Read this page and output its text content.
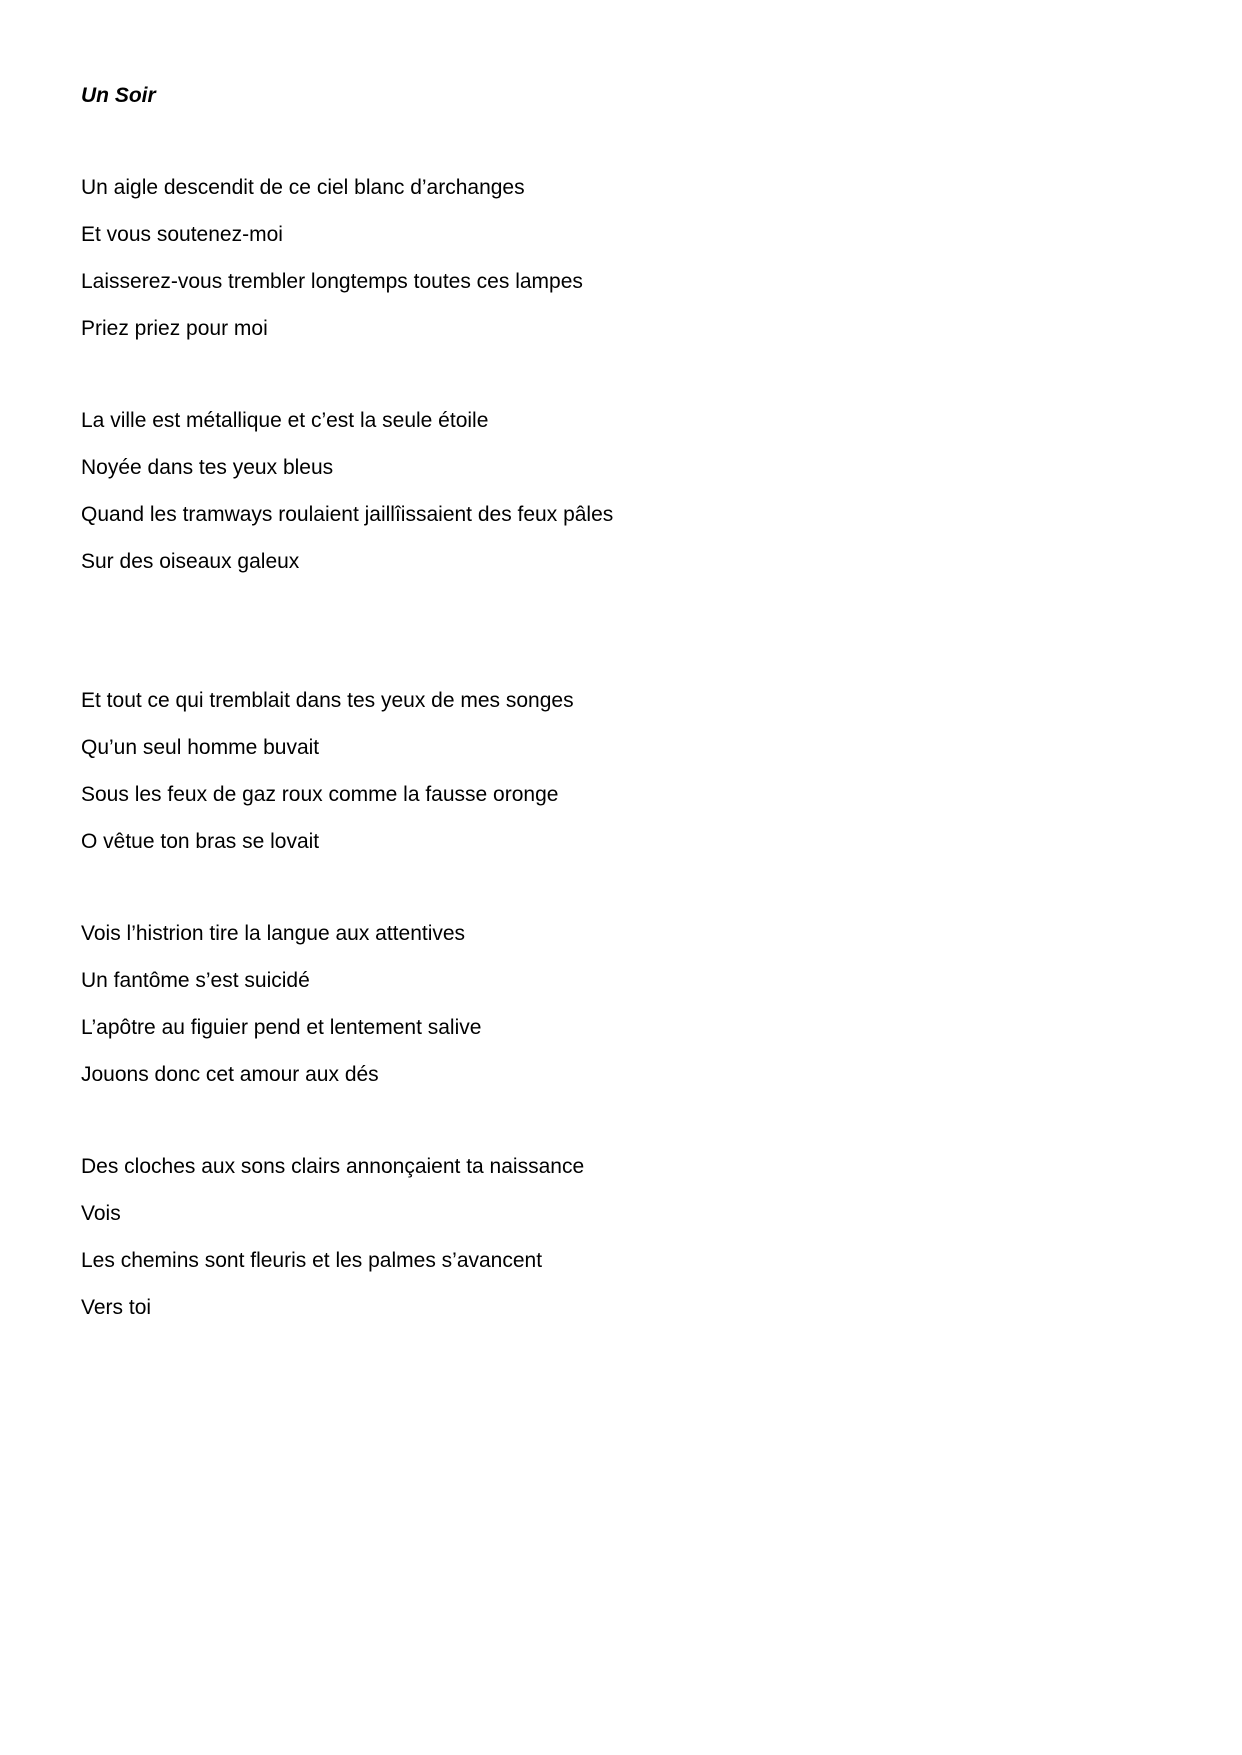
Un Soir
Un aigle descendit de ce ciel blanc d’archanges
Et vous soutenez-moi
Laisserez-vous trembler longtemps toutes ces lampes
Priez priez pour moi
La ville est métallique et c’est la seule étoile
Noyée dans tes yeux bleus
Quand les tramways roulaient jaillîissaient des feux pâles
Sur des oiseaux galeux
Et tout ce qui tremblait dans tes yeux de mes songes
Qu’un seul homme buvait
Sous les feux de gaz roux comme la fausse oronge
O vêtue ton bras se lovait
Vois l’histrion tire la langue aux attentives
Un fantôme s’est suicidé
L’apôtre au figuier pend et lentement salive
Jouons donc cet amour aux dés
Des cloches aux sons clairs annonçaient ta naissance
Vois
Les chemins sont fleuris et les palmes s’avancent
Vers toi
